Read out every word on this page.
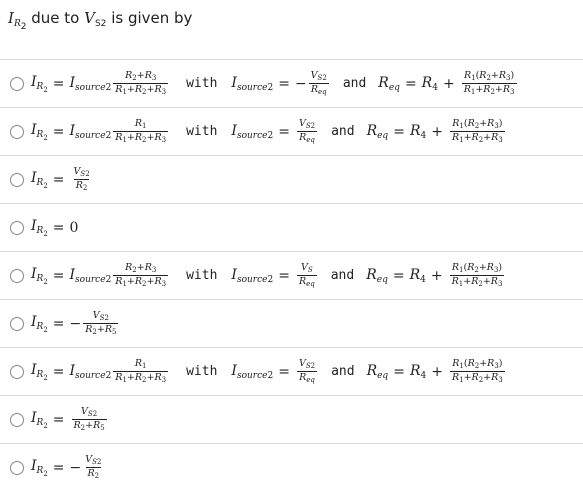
$I_{R_2}$ due to $V_{S2}$ is given by
$I_{R_2} = I_{source2} \frac{R_2+R_3}{R_1+R_2+R_3}$ with $I_{source2}$ = − $\frac{V_{S2}}{R_{eq}}$ and $R_{eq} = R_4 + \frac{R_1(R_2+R_3)}{R_1+R_2+R_3}$
$I_{R_2} = I_{source2} \frac{R_1}{R_1+R_2+R_3}$ with $I_{source2} = \frac{V_{S2}}{R_{eq}}$ and $R_{eq} = R_4 + \frac{R_1(R_2+R_3)}{R_1+R_2+R_3}$
$I_{R_2} = \frac{V_{S2}}{R_2}$
$I_{R_2} = 0$
$I_{R_2} = I_{source2} \frac{R_2+R_3}{R_1+R_2+R_3}$ with $I_{source2} = \frac{V_S}{R_{eq}}$ and $R_{eq} = R_4 + \frac{R_1(R_2+R_3)}{R_1+R_2+R_3}$
$I_{R_2}$ = − $\frac{V_{S2}}{R_2+R_5}$
$I_{R_2} = I_{source2} \frac{R_1}{R_1+R_2+R_3}$ with $I_{source2} = \frac{V_{S2}}{R_{eq}}$ and $R_{eq} = R_4 + \frac{R_1(R_2+R_3)}{R_1+R_2+R_3}$
$I_{R_2} = \frac{V_{S2}}{R_2+R_5}$
$I_{R_2}$ = − $\frac{V_{S2}}{R_2}$
